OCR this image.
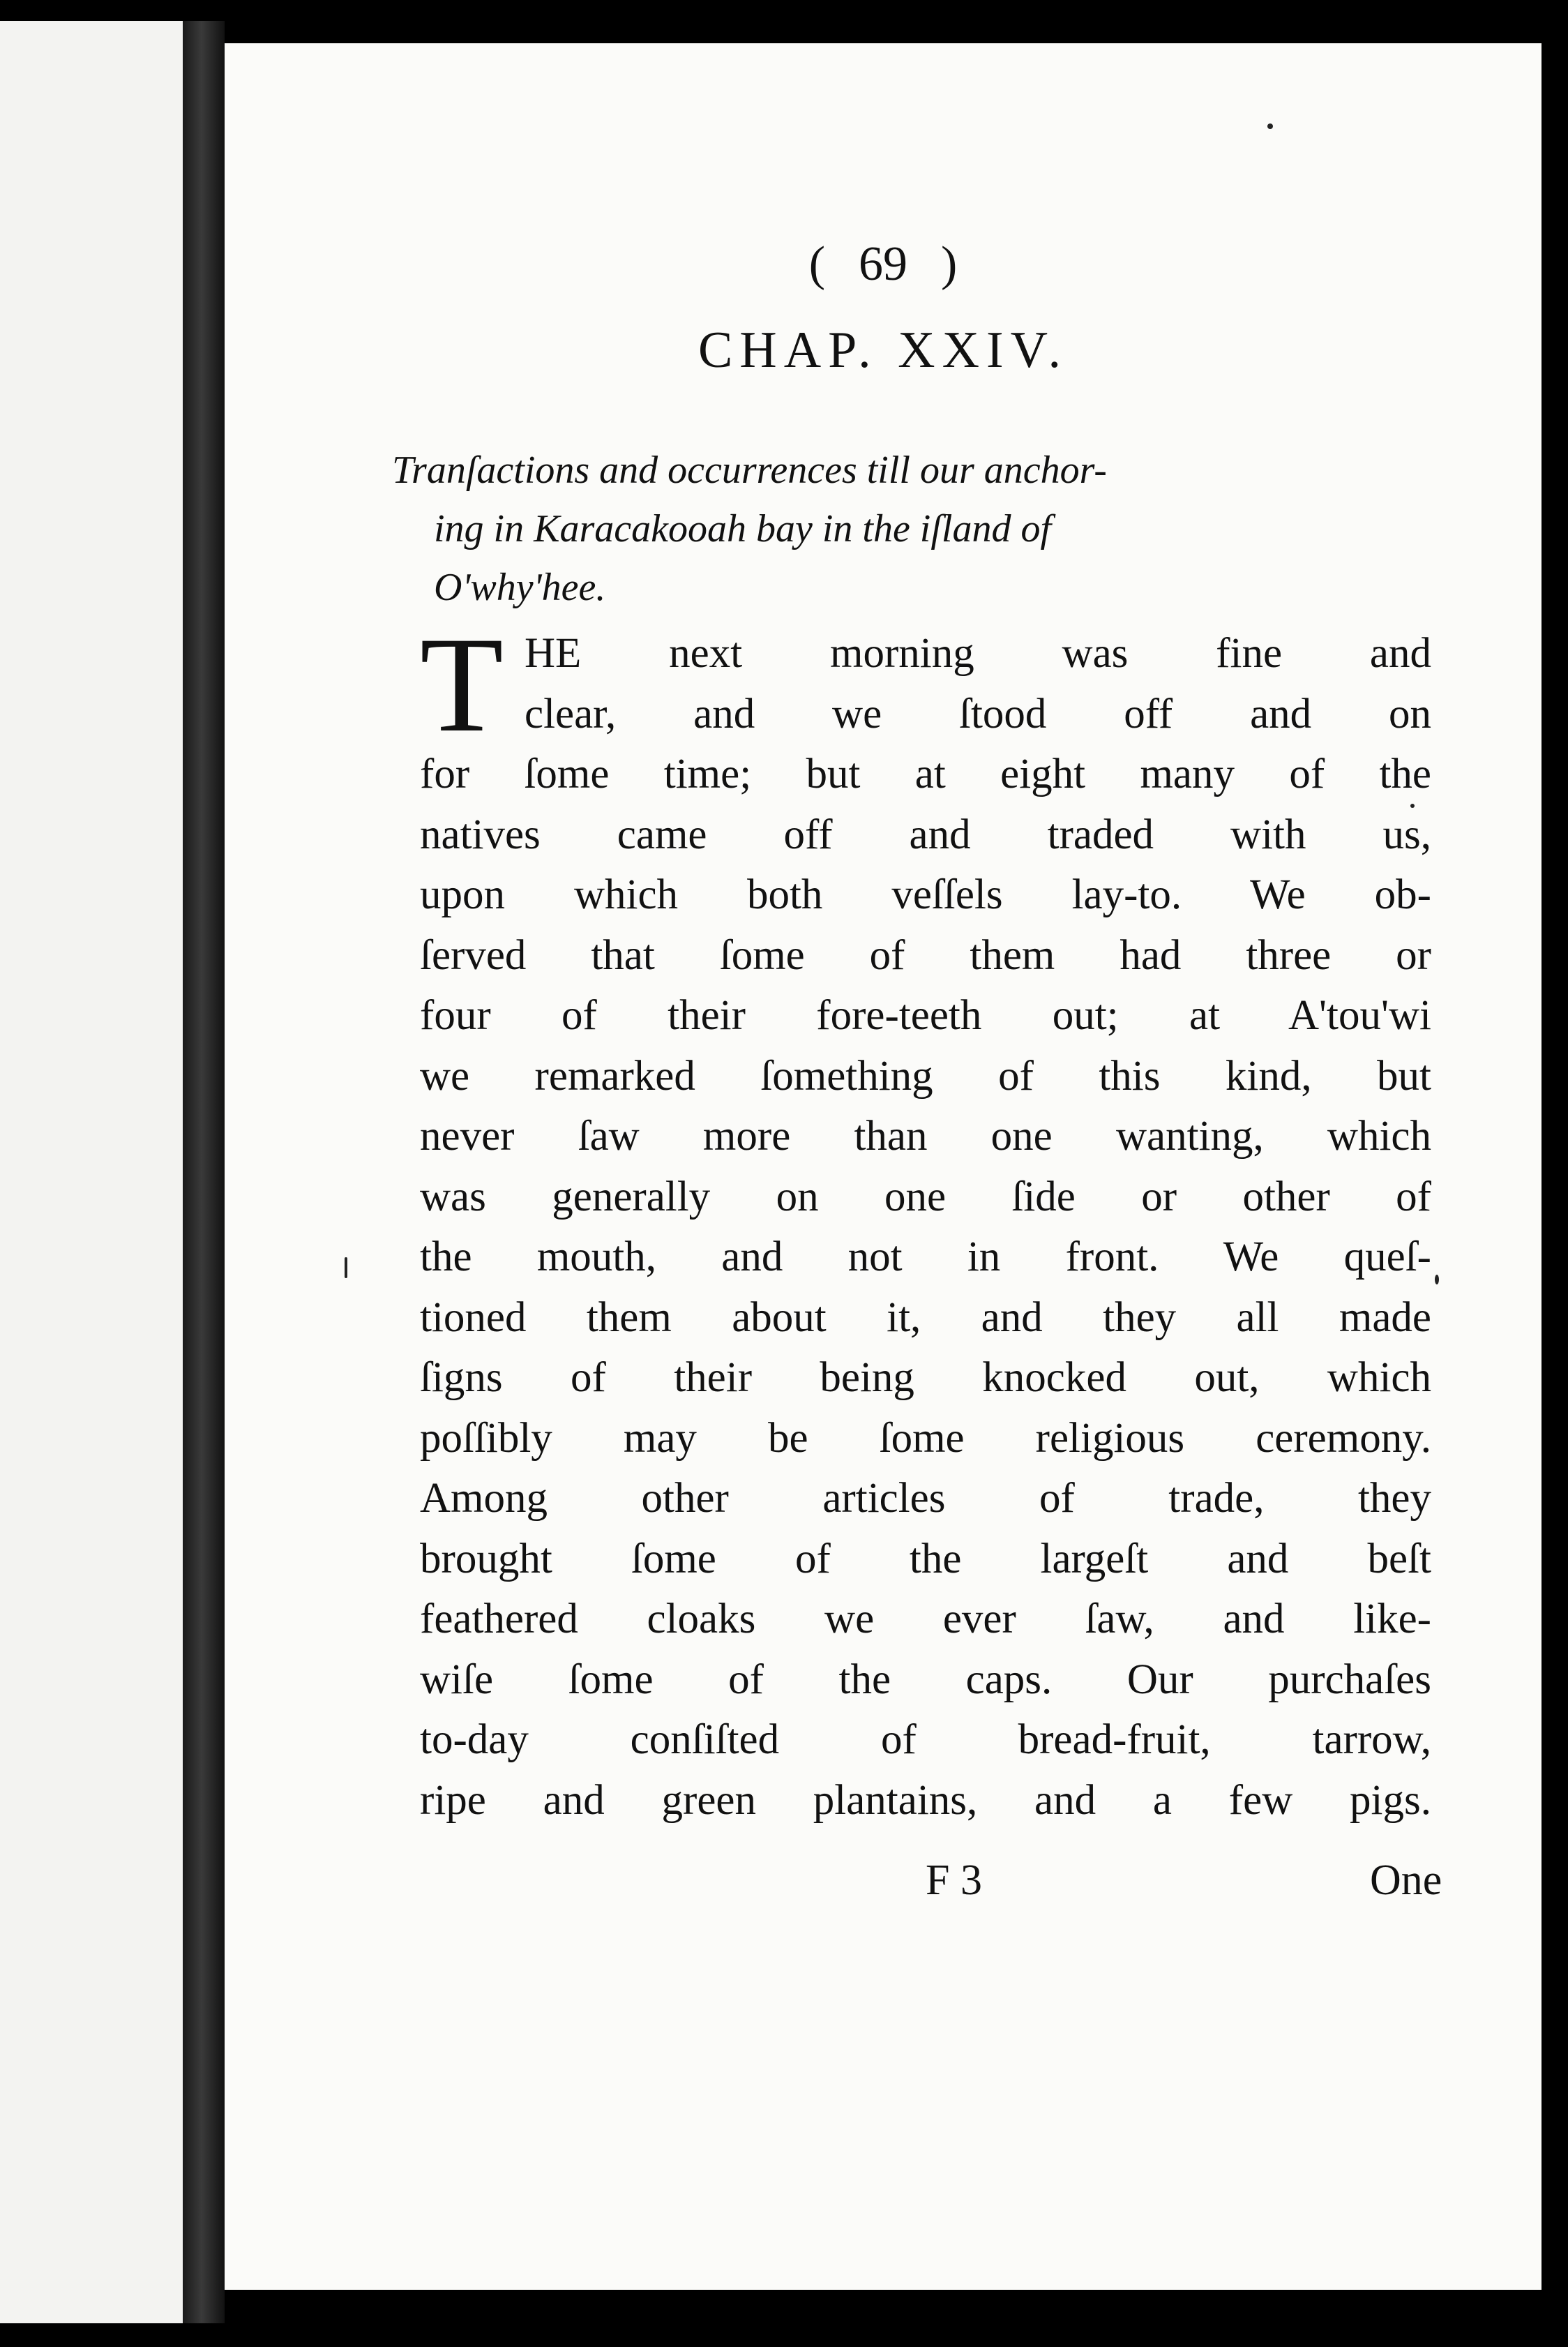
( 69 )
CHAP. XXIV.
Tranſactions and occurrences till our anchor-
ing in Karacakooah bay in the iſland of
O'why'hee.
T HE next morning was fine and
clear, and we ſtood off and on
for ſome time; but at eight many of the
natives came off and traded with us,
upon which both veſſels lay-to. We ob-
ſerved that ſome of them had three or
four of their fore-teeth out; at A'tou'wi
we remarked ſomething of this kind, but
never ſaw more than one wanting, which
was generally on one ſide or other of
the mouth, and not in front. We queſ-
tioned them about it, and they all made
ſigns of their being knocked out, which
poſſibly may be ſome religious ceremony.
Among other articles of trade, they
brought ſome of the largeſt and beſt
feathered cloaks we ever ſaw, and like-
wiſe ſome of the caps. Our purchaſes
to-day conſiſted of bread-fruit, tarrow,
ripe and green plantains, and a few pigs.
F 3	One
